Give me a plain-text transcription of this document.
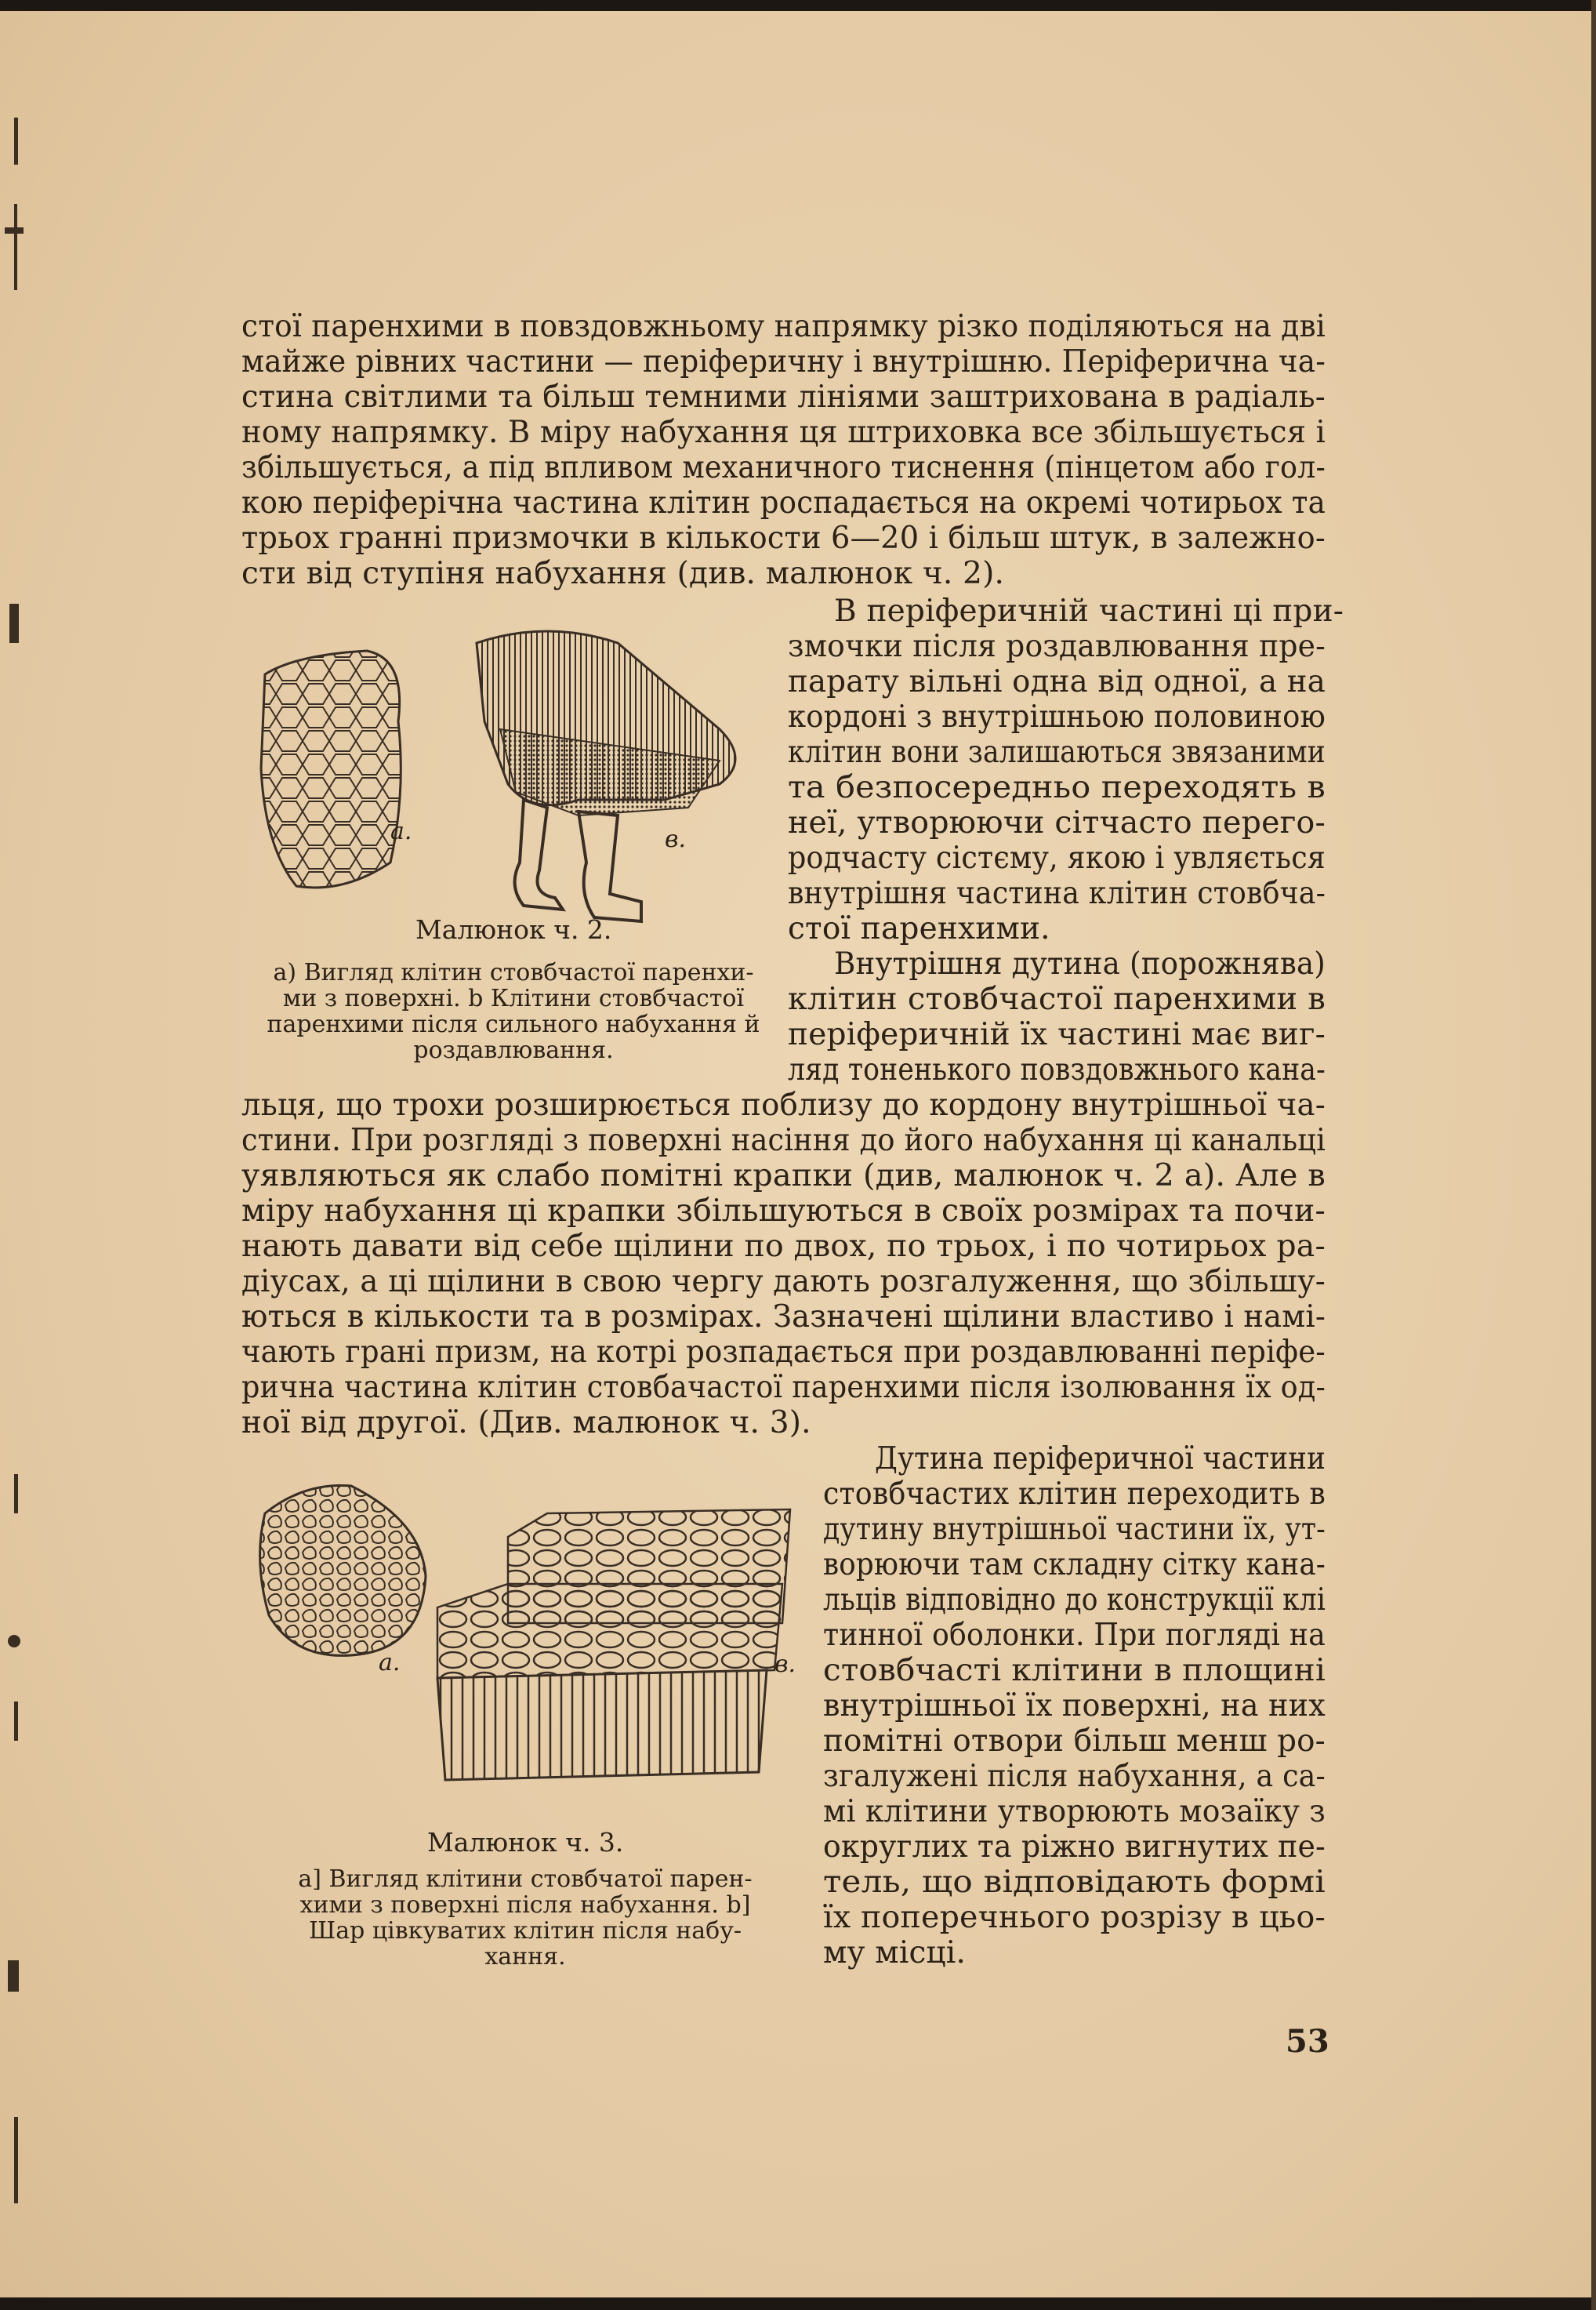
стої паренхими в повздовжньому напрямку різко поділяються на дві
майже рівних частини — періферичну і внутрішню. Періферична ча-
стина світлими та більш темними лініями заштрихована в радіаль-
ному напрямку. В міру набухання ця штриховка все збільшується і
збільшується, а під впливом механичного тиснення (пінцетом або гол-
кою періферічна частина клітин роспадається на окремі чотирьох та
трьох гранні призмочки в кількости 6—20 і більш штук, в залежно-
сти від ступіня набухання (див. малюнок ч. 2).
В періферичній частині ці при-
змочки після роздавлювання пре-
парату вільні одна від одної, а на
кордоні з внутрішньою половиною
клітин вони залишаються звязаними
та безпосередньо переходять в
неї, утворюючи сітчасто перего-
родчасту сістєму, якою і увляється
внутрішня частина клітин стовбча-
стої паренхими.
Внутрішня дутина (порожнява)
клітин стовбчастої паренхими в
періферичній їх частині має виг-
ляд тоненького повздовжнього кана-
льця, що трохи розширюється поблизу до кордону внутрішньої ча-
стини. При розгляді з поверхні насіння до його набухання ці канальці
уявляються як слабо помітні крапки (див, малюнок ч. 2 а). Але в
міру набухання ці крапки збільшуються в своїх розмірах та почи-
нають давати від себе щілини по двох, по трьох, і по чотирьох ра-
діусах, а ці щілини в свою чергу дають розгалуження, що збільшу-
ються в кількости та в розмірах. Зазначені щілини властиво і намі-
чають грані призм, на котрі розпадається при роздавлюванні періфе-
рична частина клітин стовбачастої паренхими після ізолювання їх од-
ної від другої. (Див. малюнок ч. 3).
Дутина періферичної частини
стовбчастих клітин переходить в
дутину внутрішньої частини їх, ут-
ворюючи там складну сітку кана-
льців відповідно до конструкції клі
тинної оболонки. При погляді на
стовбчасті клітини в площині
внутрішньої їх поверхні, на них
помітні отвори більш менш ро-
згалужені після набухання, а са-
мі клітини утворюють мозаїку з
округлих та ріжно вигнутих пе-
тель, що відповідають формі
їх поперечнього розрізу в цьо-
му місці.
a.	в.
Малюнок ч. 2.
а) Вигляд клітин стовбчастої паренхи-
ми з поверхні. b Клітини стовбчастої
паренхими після сильного набухання й
роздавлювання.
a.	в.
Малюнок ч. 3.
а] Вигляд клітини стовбчатої парен-
хими з поверхні після набухання. b]
Шар цівкуватих клітин після набу-
хання.
53
